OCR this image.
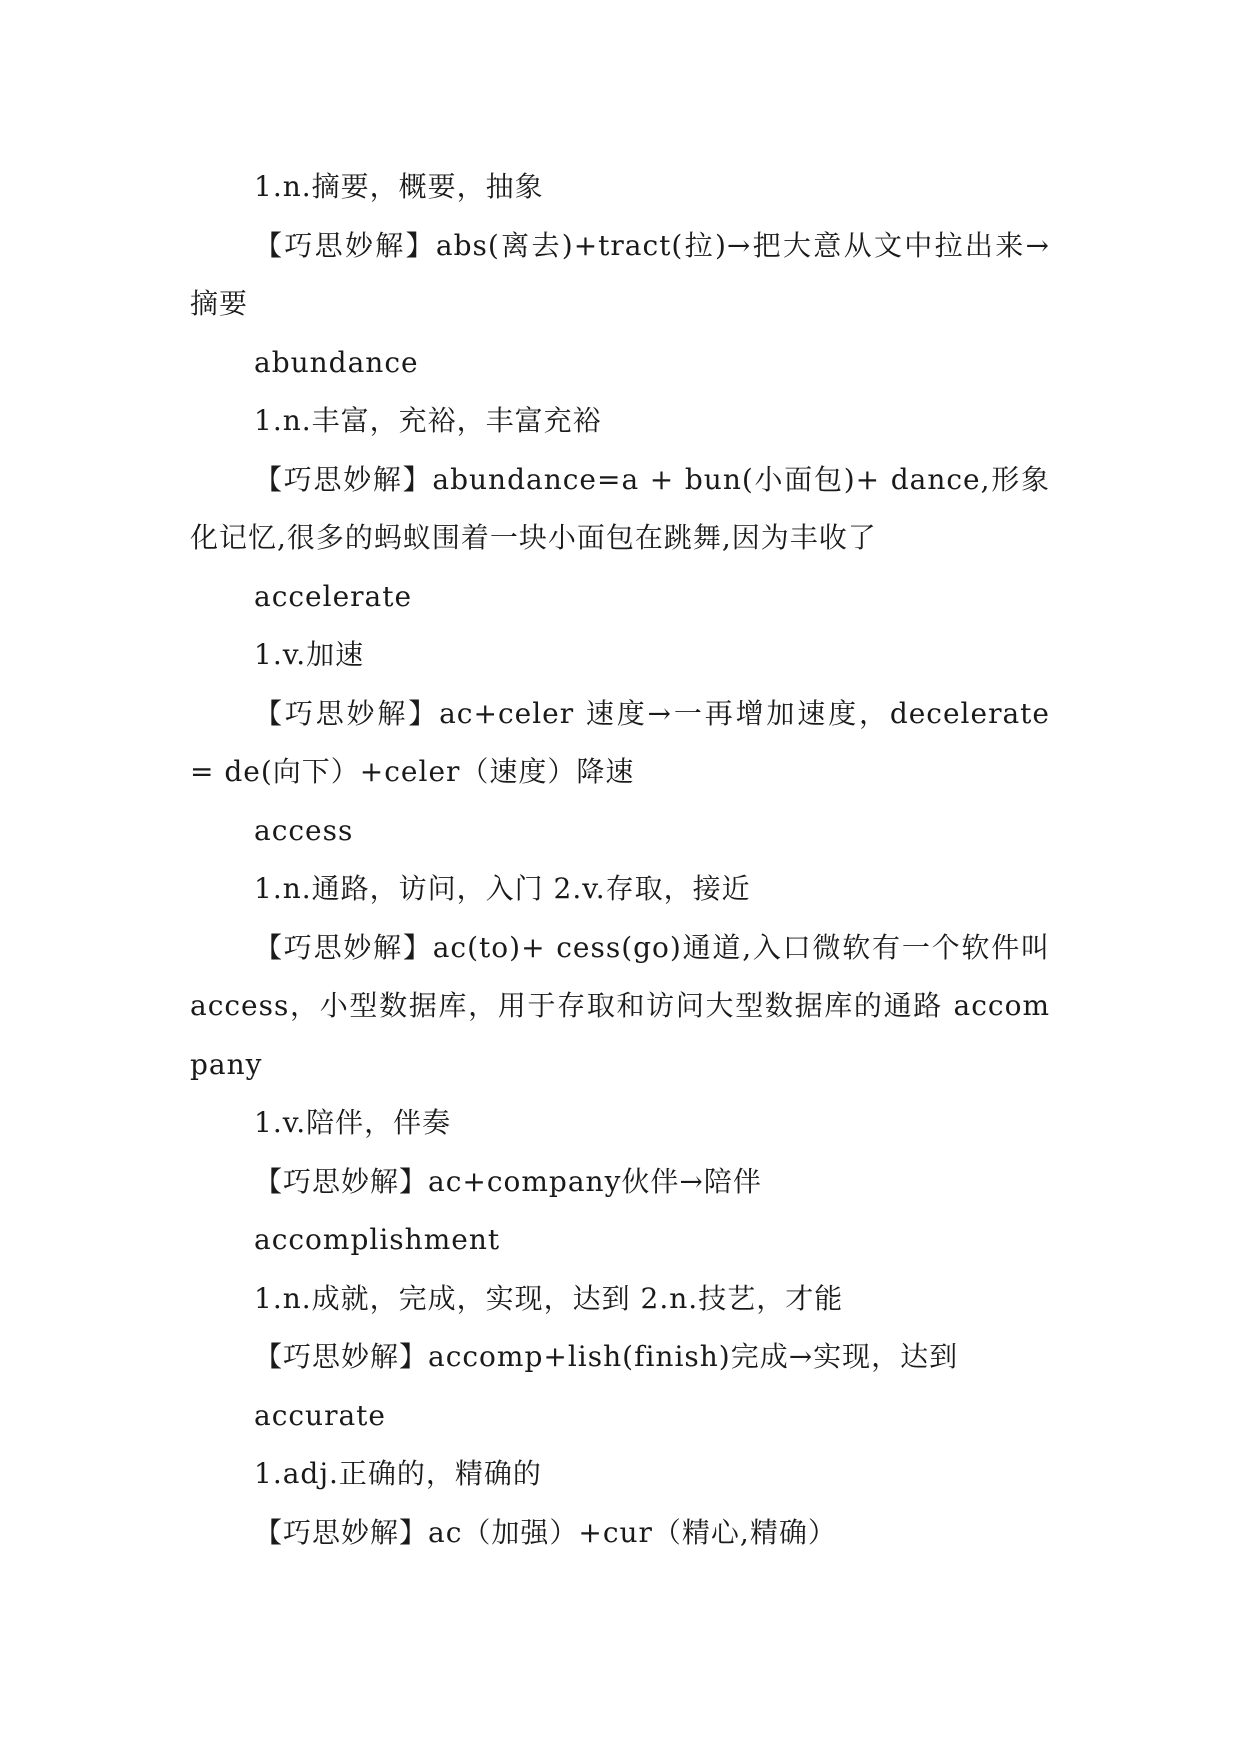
1.n.摘要，概要，抽象

【巧思妙解】abs(离去)+tract(拉)→把大意从文中拉出来→摘要

abundance

1.n.丰富，充裕，丰富充裕

【巧思妙解】abundance=a + bun(小面包)+ dance,形象化记忆,很多的蚂蚁围着一块小面包在跳舞,因为丰收了

accelerate

1.v.加速

【巧思妙解】ac+celer 速度→一再增加速度，decelerate = de(向下）+celer（速度）降速

access

1.n.通路，访问，入门 2.v.存取，接近

【巧思妙解】ac(to)+ cess(go)通道,入口微软有一个软件叫access，小型数据库，用于存取和访问大型数据库的通路 accompany

1.v.陪伴，伴奏

【巧思妙解】ac+company伙伴→陪伴

accomplishment

1.n.成就，完成，实现，达到 2.n.技艺，才能

【巧思妙解】accomp+lish(finish)完成→实现，达到

accurate

1.adj.正确的，精确的

【巧思妙解】ac（加强）+cur（精心,精确）
